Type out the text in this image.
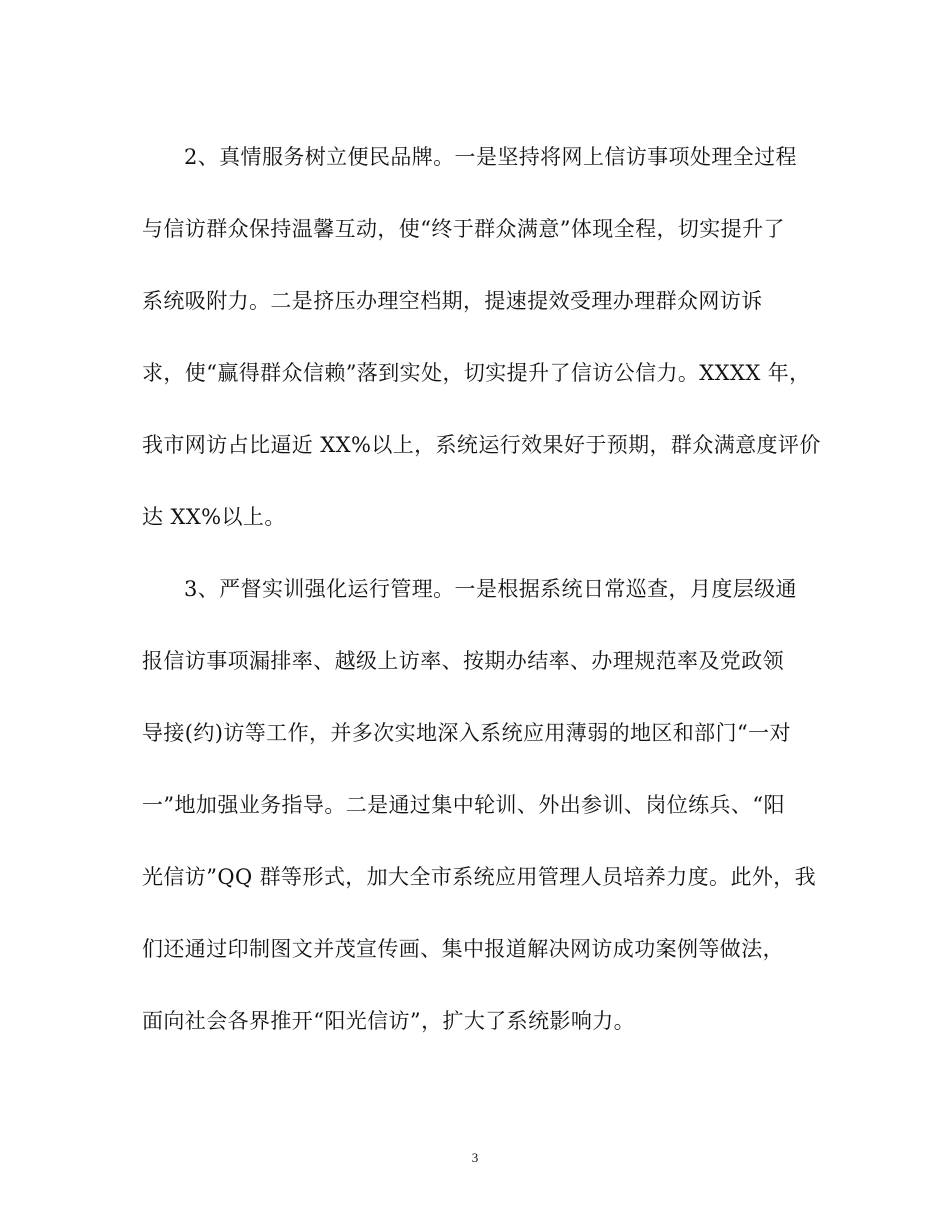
2、真情服务树立便民品牌。一是坚持将网上信访事项处理全过程
与信访群众保持温馨互动，使“终于群众满意”体现全程，切实提升了
系统吸附力。二是挤压办理空档期，提速提效受理办理群众网访诉
求，使“赢得群众信赖”落到实处，切实提升了信访公信力。XXXX 年，
我市网访占比逼近 XX%以上，系统运行效果好于预期，群众满意度评价
达 XX%以上。
3、严督实训强化运行管理。一是根据系统日常巡查，月度层级通
报信访事项漏排率、越级上访率、按期办结率、办理规范率及党政领
导接(约)访等工作，并多次实地深入系统应用薄弱的地区和部门“一对
一”地加强业务指导。二是通过集中轮训、外出参训、岗位练兵、“阳
光信访”QQ 群等形式，加大全市系统应用管理人员培养力度。此外，我
们还通过印制图文并茂宣传画、集中报道解决网访成功案例等做法，
面向社会各界推开“阳光信访”，扩大了系统影响力。
3
